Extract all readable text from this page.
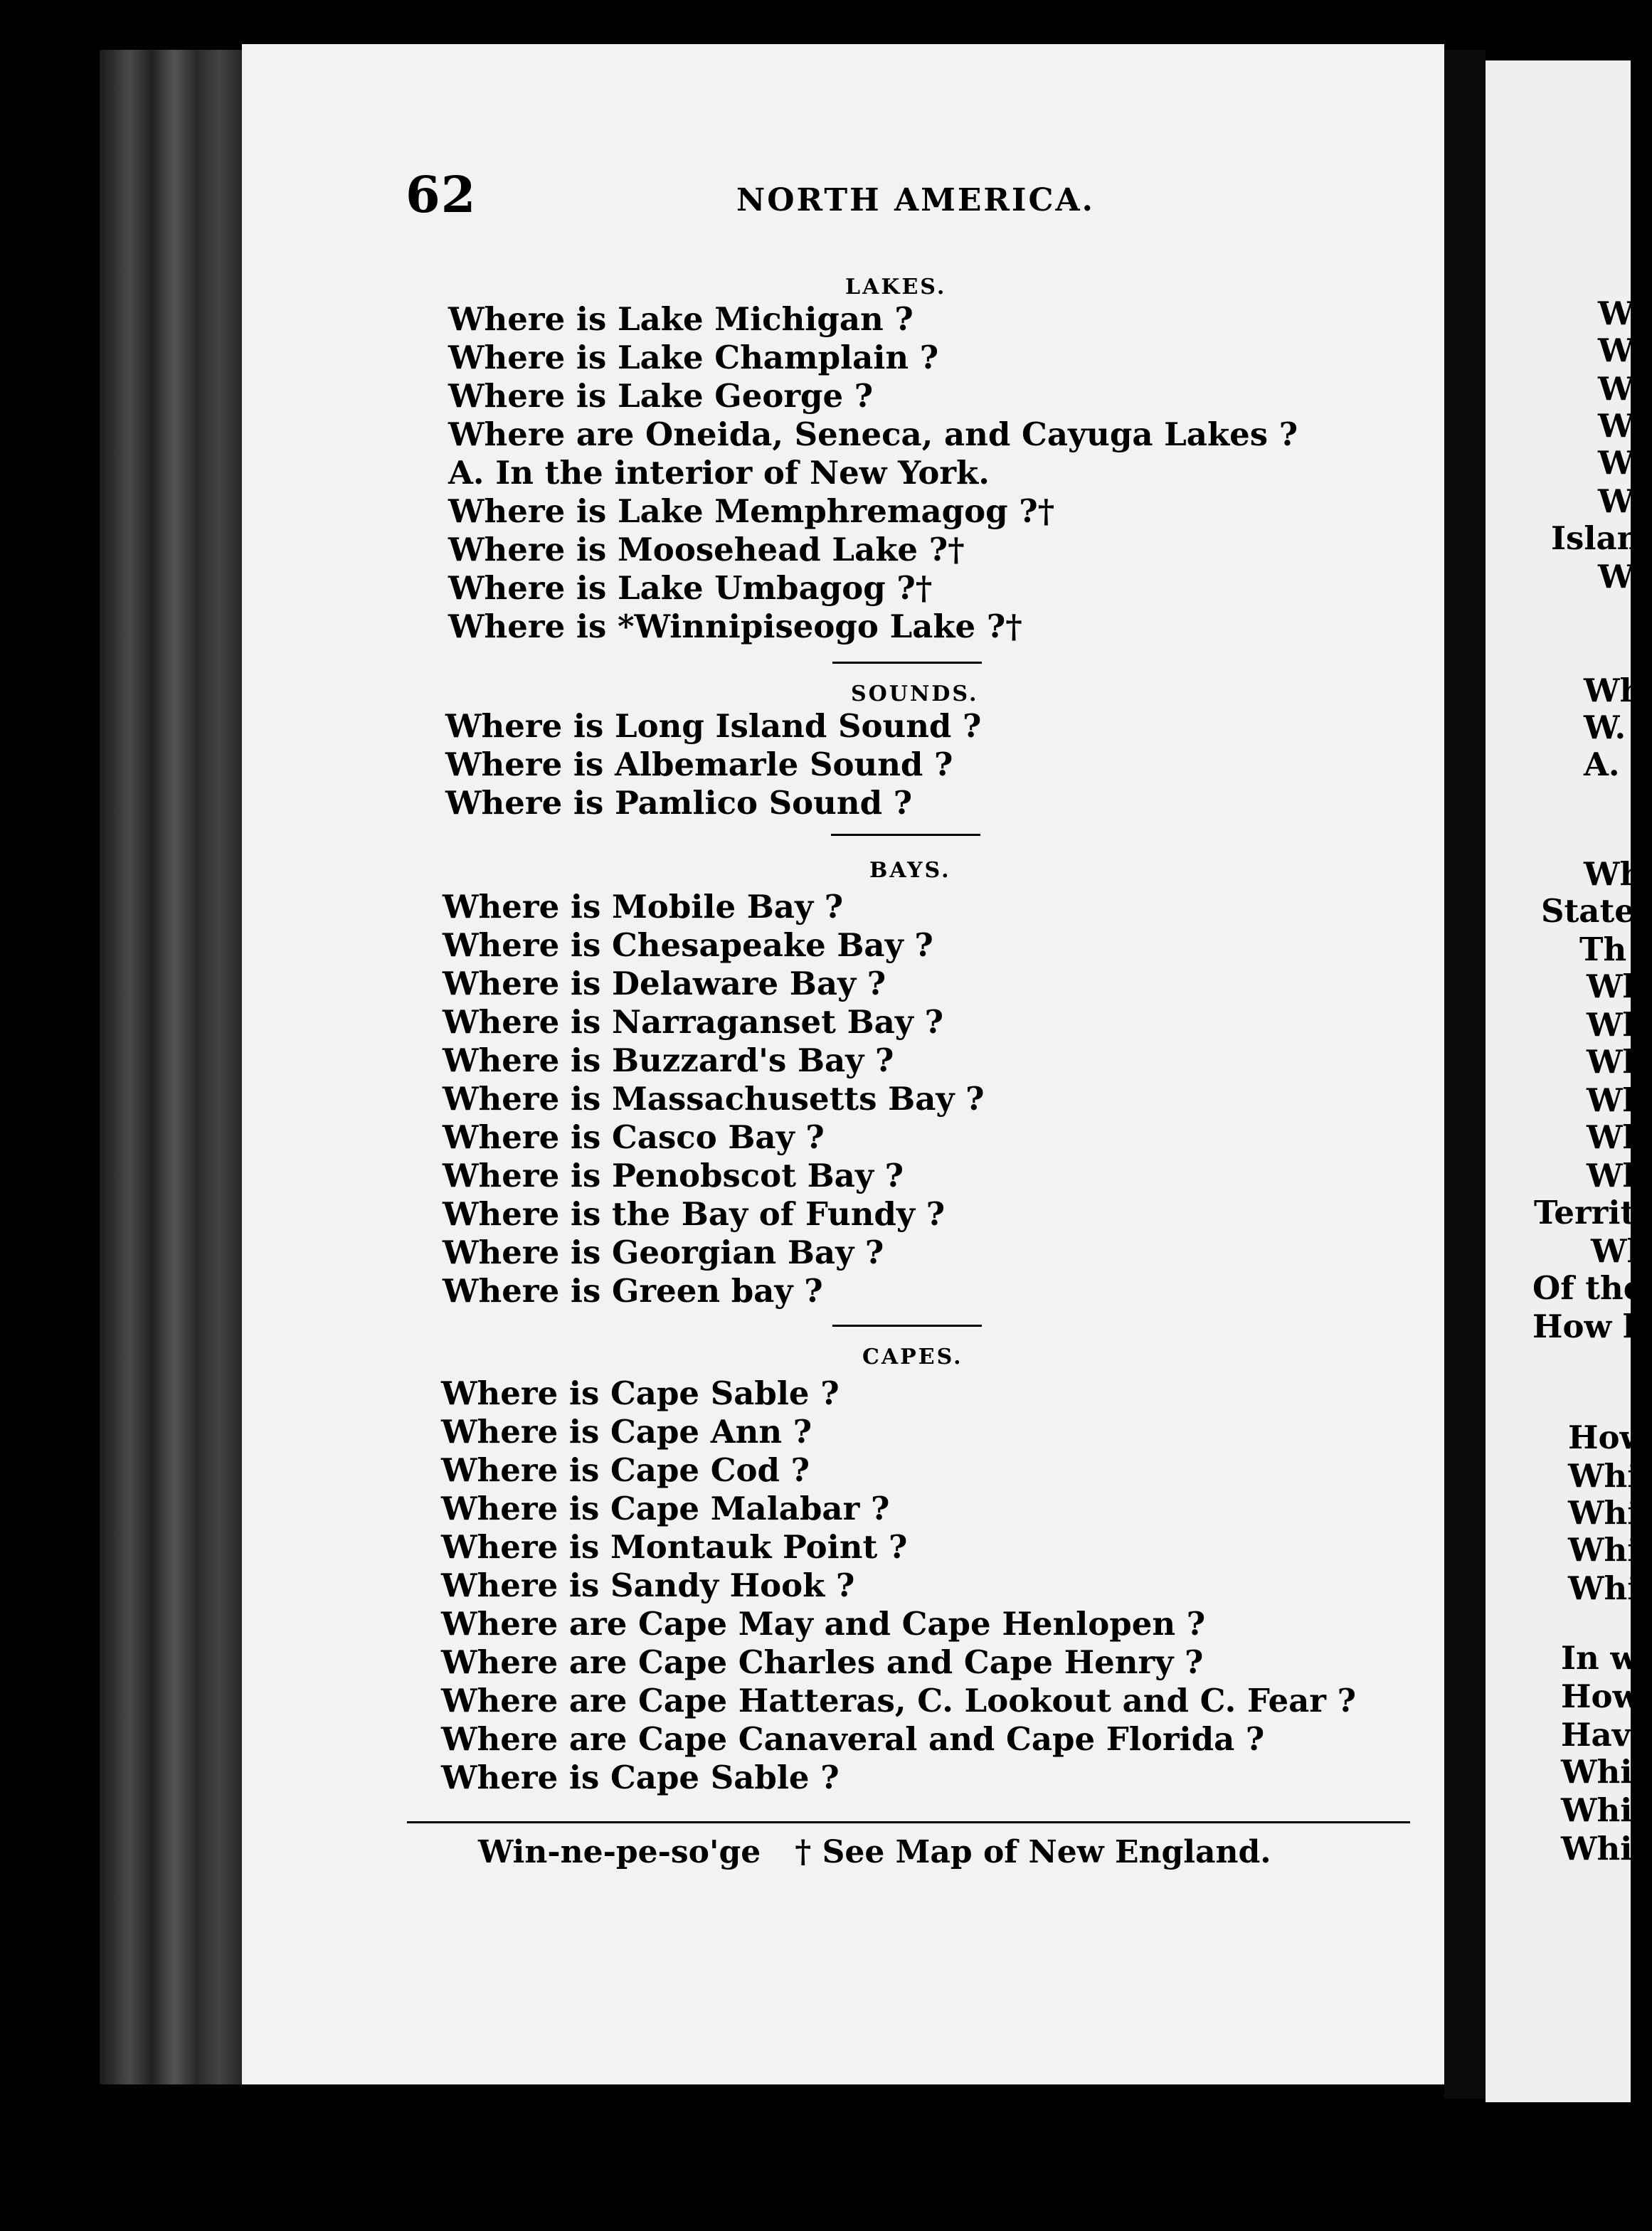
W
W
W
W
W
W
Islan
W
Wh
W.
A.
Wh
State
Th
Wh
Wh
Wh
Wh
Wh
Wh
Territ
Wh
Of the
How h
How
Whi
Whi
Whi
Whi
In w
How
Have
Whic
Whic
Whic
62	NORTH AMERICA.
LAKES.
Where is Lake Michigan ?
Where is Lake Champlain ?
Where is Lake George ?
Where are Oneida, Seneca, and Cayuga Lakes ?
A. In the interior of New York.
Where is Lake Memphremagog ?†
Where is Moosehead Lake ?†
Where is Lake Umbagog ?†
Where is *Winnipiseogo Lake ?†
SOUNDS.
Where is Long Island Sound ?
Where is Albemarle Sound ?
Where is Pamlico Sound ?
BAYS.
Where is Mobile Bay ?
Where is Chesapeake Bay ?
Where is Delaware Bay ?
Where is Narraganset Bay ?
Where is Buzzard's Bay ?
Where is Massachusetts Bay ?
Where is Casco Bay ?
Where is Penobscot Bay ?
Where is the Bay of Fundy ?
Where is Georgian Bay ?
Where is Green bay ?
CAPES.
Where is Cape Sable ?
Where is Cape Ann ?
Where is Cape Cod ?
Where is Cape Malabar ?
Where is Montauk Point ?
Where is Sandy Hook ?
Where are Cape May and Cape Henlopen ?
Where are Cape Charles and Cape Henry ?
Where are Cape Hatteras, C. Lookout and C. Fear ?
Where are Cape Canaveral and Cape Florida ?
Where is Cape Sable ?
Win-ne-pe-so'ge † See Map of New England.
